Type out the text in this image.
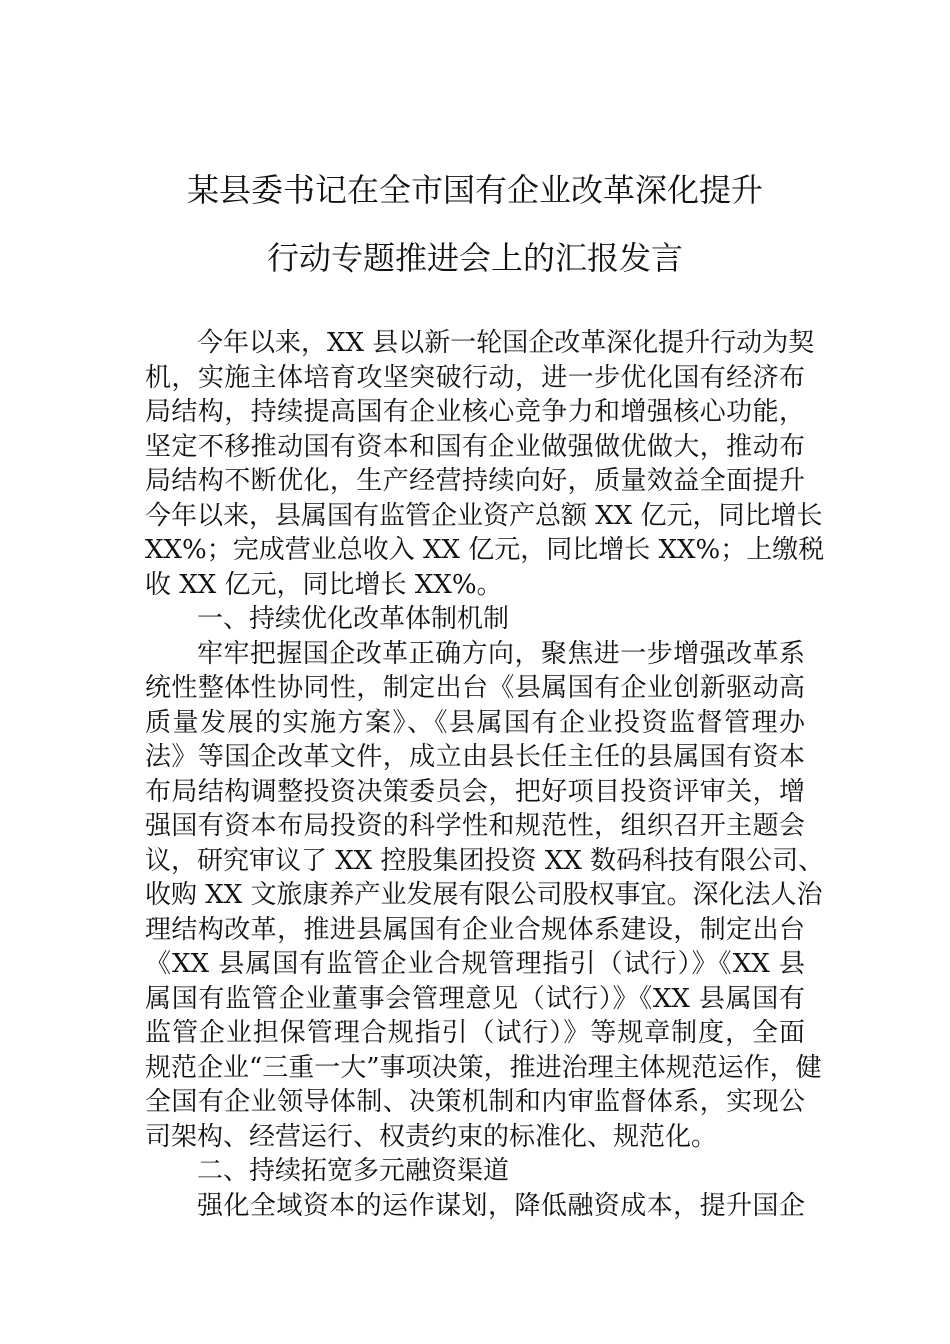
某县委书记在全市国有企业改革深化提升
行动专题推进会上的汇报发言
今年以来，XX 县以新一轮国企改革深化提升行动为契
机，实施主体培育攻坚突破行动，进一步优化国有经济布
局结构，持续提高国有企业核心竞争力和增强核心功能，
坚定不移推动国有资本和国有企业做强做优做大，推动布
局结构不断优化，生产经营持续向好，质量效益全面提升
今年以来，县属国有监管企业资产总额 XX 亿元，同比增长
XX%；完成营业总收入 XX 亿元，同比增长 XX%；上缴税
收 XX 亿元，同比增长 XX%。
一、持续优化改革体制机制
牢牢把握国企改革正确方向，聚焦进一步增强改革系
统性整体性协同性，制定出台《县属国有企业创新驱动高
质量发展的实施方案》、《县属国有企业投资监督管理办
法》等国企改革文件，成立由县长任主任的县属国有资本
布局结构调整投资决策委员会，把好项目投资评审关，增
强国有资本布局投资的科学性和规范性，组织召开主题会
议，研究审议了 XX 控股集团投资 XX 数码科技有限公司、
收购 XX 文旅康养产业发展有限公司股权事宜。深化法人治
理结构改革，推进县属国有企业合规体系建设，制定出台
《XX 县属国有监管企业合规管理指引（试行）》《XX 县
属国有监管企业董事会管理意见（试行）》《XX 县属国有
监管企业担保管理合规指引（试行）》等规章制度，全面
规范企业“三重一大”事项决策，推进治理主体规范运作，健
全国有企业领导体制、决策机制和内审监督体系，实现公
司架构、经营运行、权责约束的标准化、规范化。
二、持续拓宽多元融资渠道
强化全域资本的运作谋划，降低融资成本，提升国企
